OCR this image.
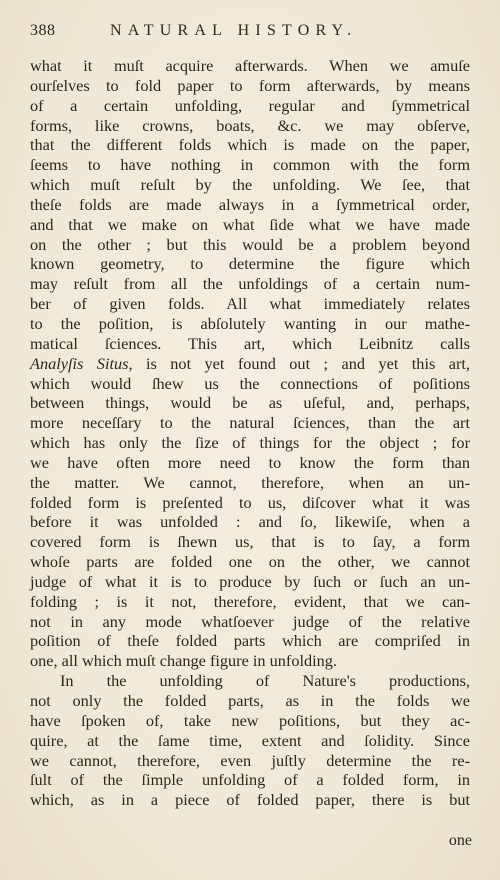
388	NATURAL HISTORY.
what it muſt acquire afterwards. When we amuſe
ourſelves to fold paper to form afterwards, by means
of a certain unfolding, regular and ſymmetrical
forms, like crowns, boats, &c. we may obſerve,
that the different folds which is made on the paper,
ſeems to have nothing in common with the form
which muſt reſult by the unfolding. We ſee, that
theſe folds are made always in a ſymmetrical order,
and that we make on what ſide what we have made
on the other ; but this would be a problem beyond
known geometry, to determine the figure which
may reſult from all the unfoldings of a certain num-
ber of given folds. All what immediately relates
to the poſition, is abſolutely wanting in our mathe-
matical ſciences. This art, which Leibnitz calls
Analyſis Situs, is not yet found out ; and yet this art,
which would ſhew us the connections of poſitions
between things, would be as uſeful, and, perhaps,
more neceſſary to the natural ſciences, than the art
which has only the ſize of things for the object ; for
we have often more need to know the form than
the matter. We cannot, therefore, when an un-
folded form is preſented to us, diſcover what it was
before it was unfolded : and ſo, likewiſe, when a
covered form is ſhewn us, that is to ſay, a form
whoſe parts are folded one on the other, we cannot
judge of what it is to produce by ſuch or ſuch an un-
folding ; is it not, therefore, evident, that we can-
not in any mode whatſoever judge of the relative
poſition of theſe folded parts which are compriſed in
one, all which muſt change figure in unfolding.
In the unfolding of Nature's productions,
not only the folded parts, as in the folds we
have ſpoken of, take new poſitions, but they ac-
quire, at the ſame time, extent and ſolidity. Since
we cannot, therefore, even juſtly determine the re-
ſult of the ſimple unfolding of a folded form, in
which, as in a piece of folded paper, there is but
one
